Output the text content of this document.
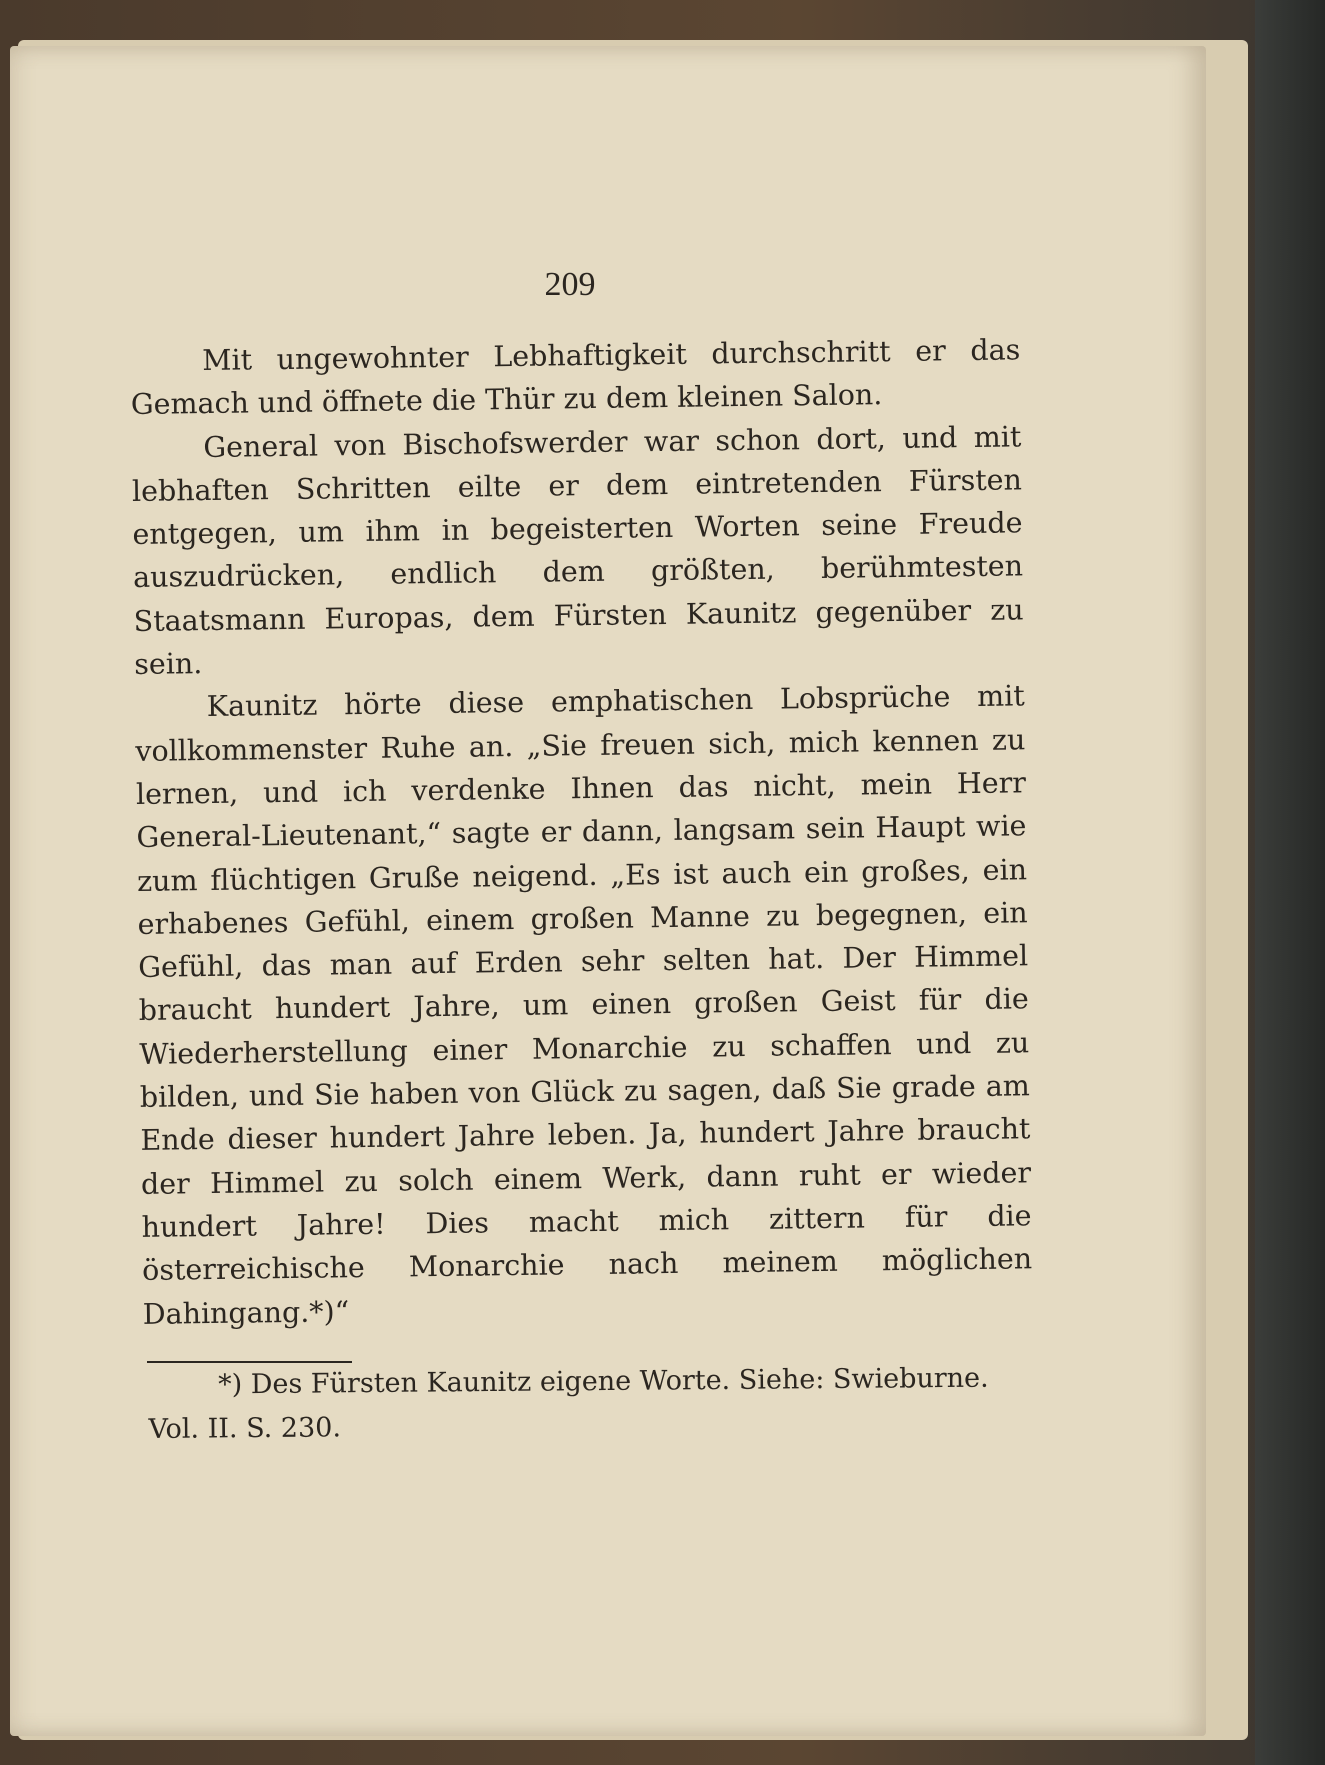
209

Mit ungewohnter Lebhaftigkeit durchschritt er das Gemach und öffnete die Thür zu dem kleinen Salon.

General von Bischofswerder war schon dort, und mit lebhaften Schritten eilte er dem eintretenden Fürsten entgegen, um ihm in begeisterten Worten seine Freude auszudrücken, endlich dem größten, berühmtesten Staatsmann Europas, dem Fürsten Kaunitz gegenüber zu sein.

Kaunitz hörte diese emphatischen Lobsprüche mit vollkommenster Ruhe an. „Sie freuen sich, mich kennen zu lernen, und ich verdenke Ihnen das nicht, mein Herr General-Lieutenant,“ sagte er dann, langsam sein Haupt wie zum flüchtigen Gruße neigend. „Es ist auch ein großes, ein erhabenes Gefühl, einem großen Manne zu begegnen, ein Gefühl, das man auf Erden sehr selten hat. Der Himmel braucht hundert Jahre, um einen großen Geist für die Wiederherstellung einer Monarchie zu schaffen und zu bilden, und Sie haben von Glück zu sagen, daß Sie grade am Ende dieser hundert Jahre leben. Ja, hundert Jahre braucht der Himmel zu solch einem Werk, dann ruht er wieder hundert Jahre! Dies macht mich zittern für die österreichische Monarchie nach meinem möglichen Dahingang.*)“

*) Des Fürsten Kaunitz eigene Worte. Siehe: Swieburne.
Vol. II. S. 230.
